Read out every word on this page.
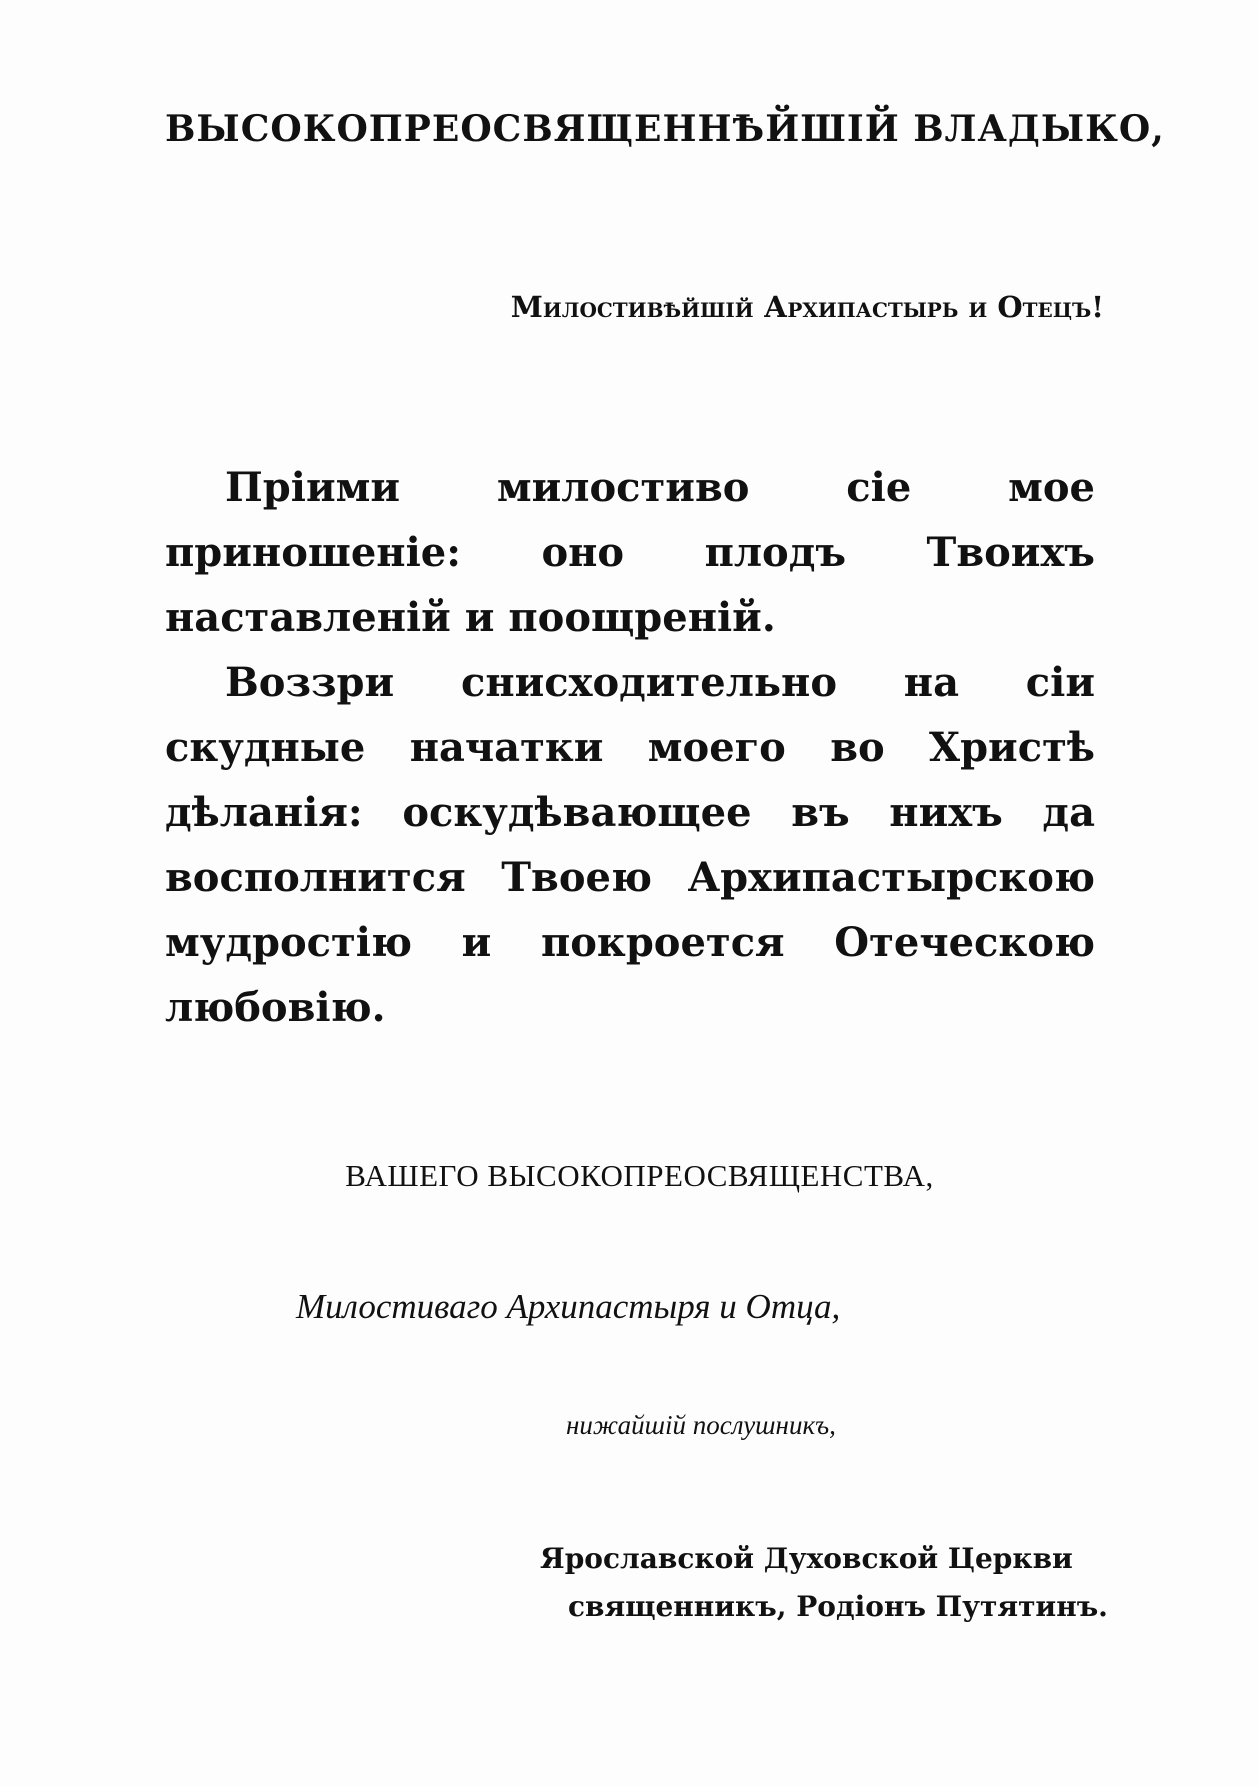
ВЫСОКОПРЕОСВЯЩЕННѢЙШІЙ ВЛАДЫКО,
Милостивѣйшій Архипастырь и Отецъ!

Пріими милостиво сіе мое приношеніе: оно плодъ Твоихъ наставленій и поощреній.

Воззри снисходительно на сіи скудные начатки моего во Христѣ дѣланія: оскудѣвающее въ нихъ да восполнится Твоею Архипастырскою мудростію и покроется Отеческою любовію.

ВАШЕГО ВЫСОКОПРЕОСВЯЩЕНСТВА,
Милостиваго Архипастыря и Отца,
нижайшій послушникъ,
Ярославской Духовской Церкви
священникъ, Родіонъ Путятинъ.
